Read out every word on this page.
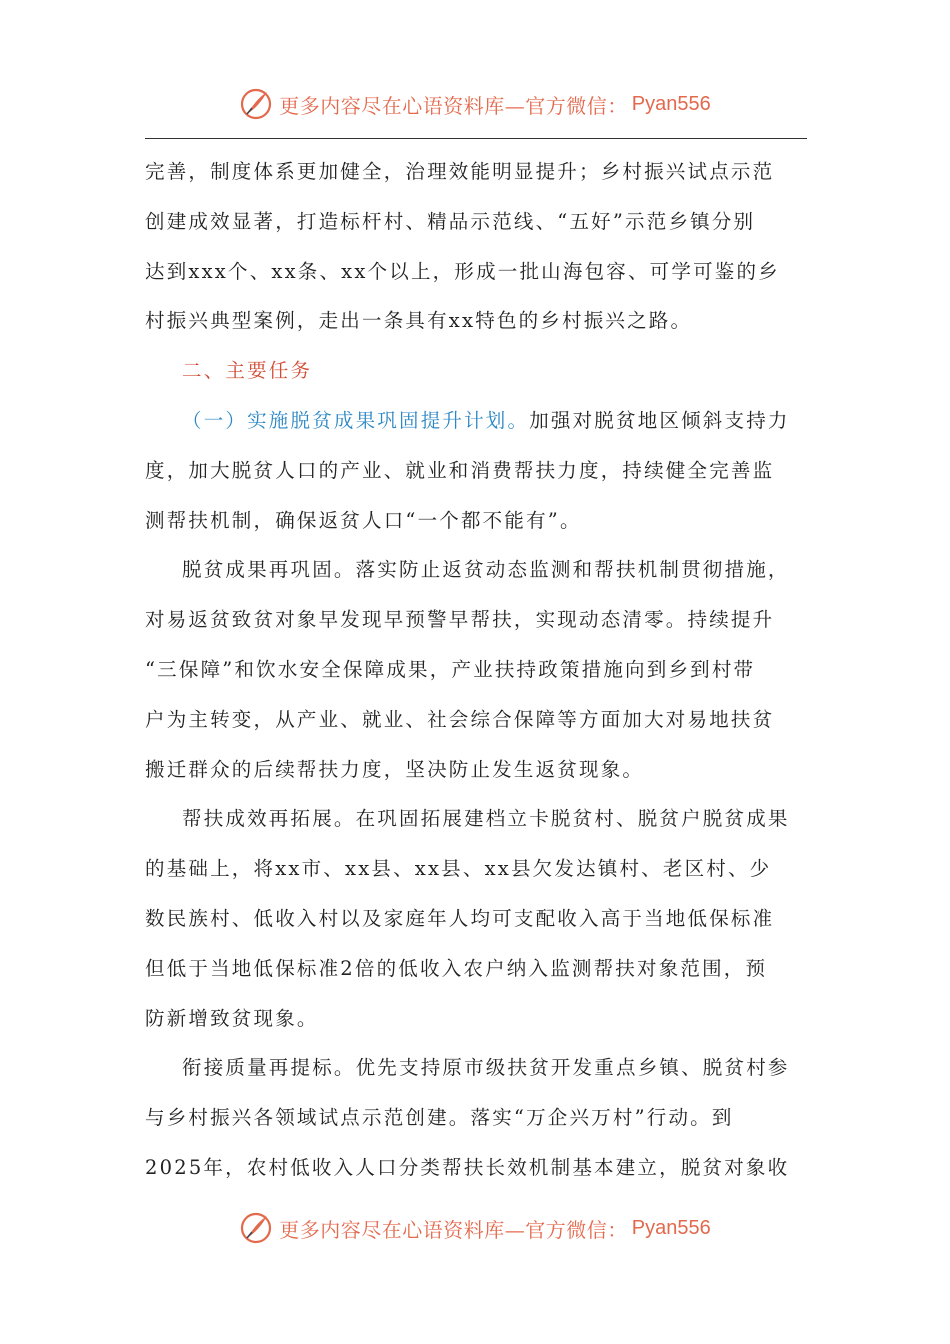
更多内容尽在心语资料库—官方微信： Pyan556
完善，制度体系更加健全，治理效能明显提升；乡村振兴试点示范
创建成效显著，打造标杆村、精品示范线、“五好”示范乡镇分别
达到xxx个、xx条、xx个以上，形成一批山海包容、可学可鉴的乡
村振兴典型案例，走出一条具有xx特色的乡村振兴之路。
二、主要任务
（一）实施脱贫成果巩固提升计划。加强对脱贫地区倾斜支持力
度，加大脱贫人口的产业、就业和消费帮扶力度，持续健全完善监
测帮扶机制，确保返贫人口“一个都不能有”。
脱贫成果再巩固。落实防止返贫动态监测和帮扶机制贯彻措施，
对易返贫致贫对象早发现早预警早帮扶，实现动态清零。持续提升
“三保障”和饮水安全保障成果，产业扶持政策措施向到乡到村带
户为主转变，从产业、就业、社会综合保障等方面加大对易地扶贫
搬迁群众的后续帮扶力度，坚决防止发生返贫现象。
帮扶成效再拓展。在巩固拓展建档立卡脱贫村、脱贫户脱贫成果
的基础上，将xx市、xx县、xx县、xx县欠发达镇村、老区村、少
数民族村、低收入村以及家庭年人均可支配收入高于当地低保标准
但低于当地低保标准2倍的低收入农户纳入监测帮扶对象范围，预
防新增致贫现象。
衔接质量再提标。优先支持原市级扶贫开发重点乡镇、脱贫村参
与乡村振兴各领域试点示范创建。落实“万企兴万村”行动。到
2025年，农村低收入人口分类帮扶长效机制基本建立，脱贫对象收
更多内容尽在心语资料库—官方微信： Pyan556
